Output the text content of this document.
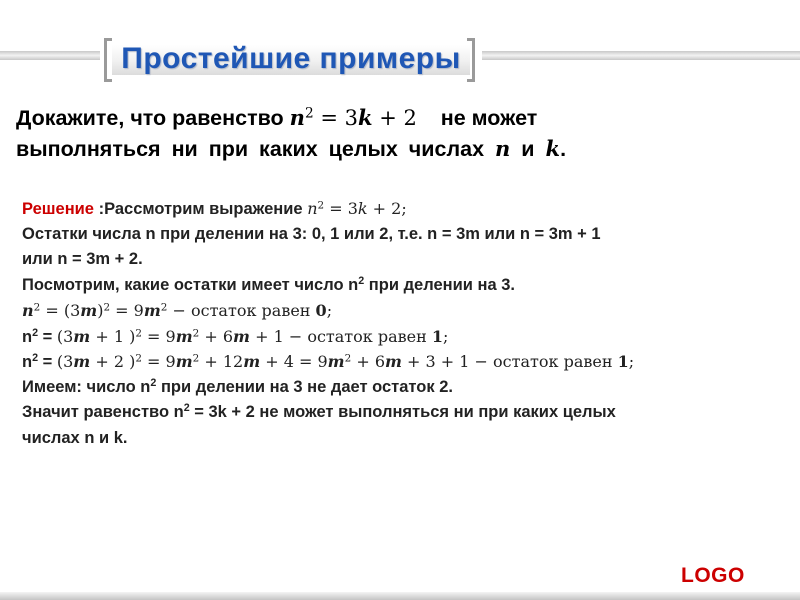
Простейшие примеры

Докажите, что равенство $n^2 = 3k + 2$ не может

выполняться ни при каких целых числах n и k.

Решение :Рассмотрим выражение $n^2 = 3k + 2$;
Остатки числа n при делении на 3: 0, 1 или 2, т.е. n = 3m или n = 3m + 1
или n = 3m + 2.
Посмотрим, какие остатки имеет число $n^2$ при делении на 3.
$n^2 = (3m)^2 = 9m^2$ − остаток равен 0;
$n^2 = (3m + 1$ )$^2 = 9m^2 + 6m + 1$ − остаток равен 1;
$n^2 = (3m + 2$ )$^2 = 9m^2 + 12m + 4 = 9m^2 + 6m + 3 + 1$ − остаток равен 1;
Имеем: число $n^2$ при делении на 3 не дает остаток 2.
Значит равенство $n^2 = 3k + 2$ не может выполняться ни при каких целых
числах n и k.
LOGO
